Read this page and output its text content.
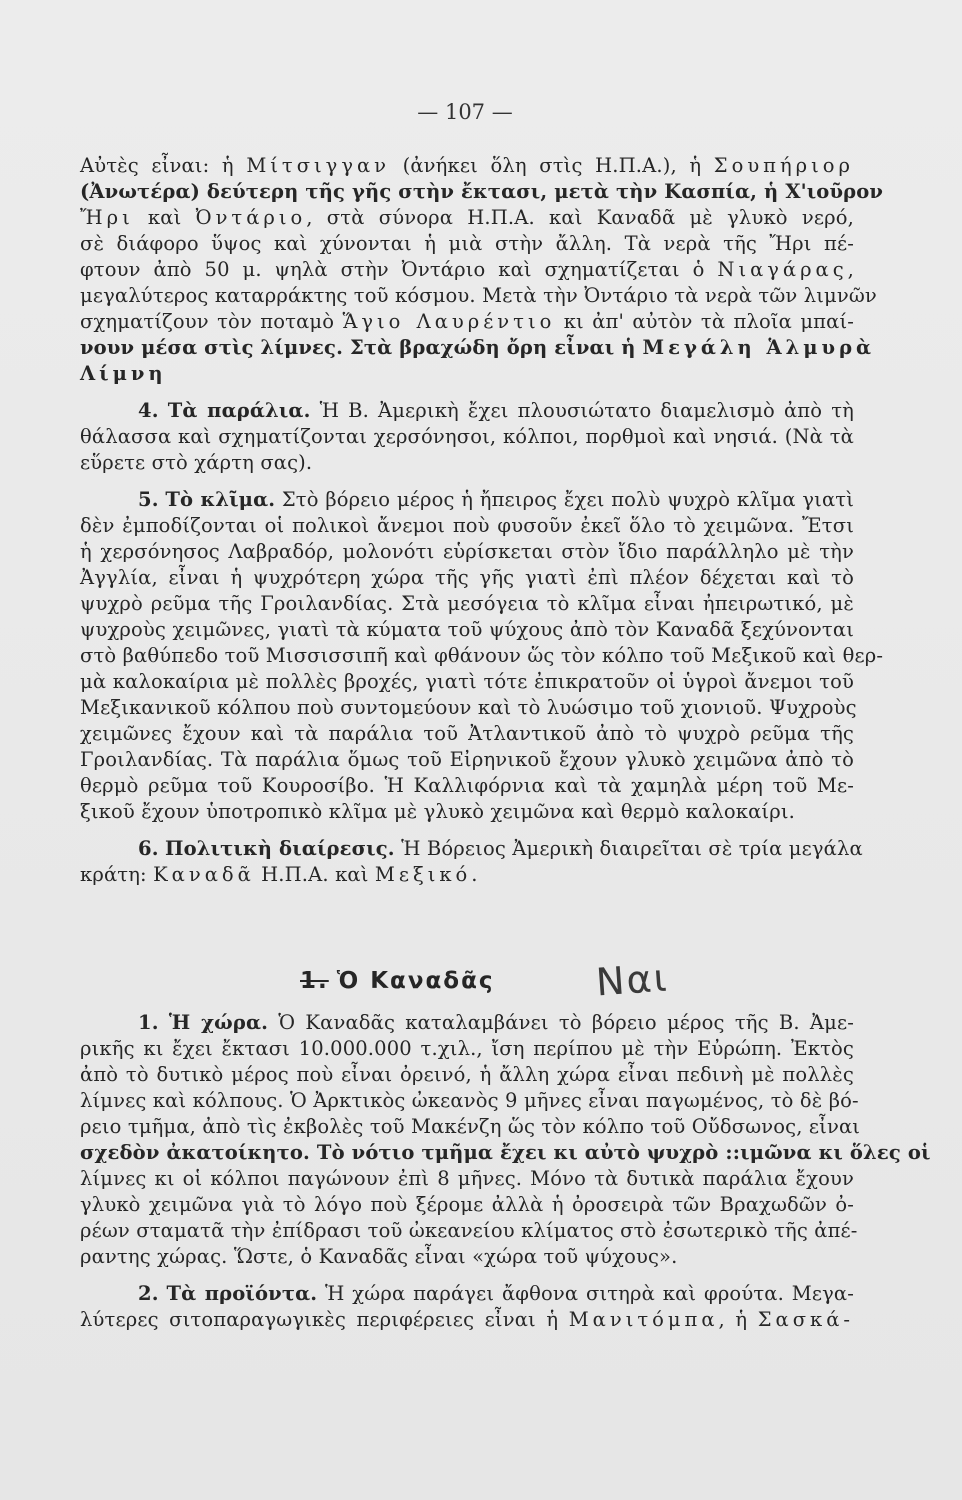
— 107 —
Αὐτὲς εἶναι: ἡ Μίτσιγγαν (ἀνήκει ὅλη στὶς Η.Π.Α.), ἡ Σουπήριορ
(Ἀνωτέρα) δεύτερη τῆς γῆς στὴν ἔκτασι, μετὰ τὴν Κασπία, ἡ Χ'ιοῦρον
Ἤρι καὶ Ὀντάριο, στὰ σύνορα Η.Π.Α. καὶ Καναδᾶ μὲ γλυκὸ νερό,
σὲ διάφορο ὕψος καὶ χύνονται ἡ μιὰ στὴν ἄλλη. Τὰ νερὰ τῆς Ἤρι πέ-
φτουν ἀπὸ 50 μ. ψηλὰ στὴν Ὀντάριο καὶ σχηματίζεται ὁ Νιαγάρας,
μεγαλύτερος καταρράκτης τοῦ κόσμου. Μετὰ τὴν Ὀντάριο τὰ νερὰ τῶν λιμνῶν
σχηματίζουν τὸν ποταμὸ Ἅγιο Λαυρέντιο κι ἀπ' αὐτὸν τὰ πλοῖα μπαί-
νουν μέσα στὶς λίμνες. Στὰ βραχώδη ὄρη εἶναι ἡ Μεγάλη Ἁλμυρὰ
Λίμνη
4. Τὰ παράλια. Ἡ Β. Ἀμερικὴ ἔχει πλουσιώτατο διαμελισμὸ ἀπὸ τὴ
θάλασσα καὶ σχηματίζονται χερσόνησοι, κόλποι, πορθμοὶ καὶ νησιά. (Νὰ τὰ
εὕρετε στὸ χάρτη σας).
5. Τὸ κλῖμα. Στὸ βόρειο μέρος ἡ ἤπειρος ἔχει πολὺ ψυχρὸ κλῖμα γιατὶ
δὲν ἐμποδίζονται οἱ πολικοὶ ἄνεμοι ποὺ φυσοῦν ἐκεῖ ὅλο τὸ χειμῶνα. Ἔτσι
ἡ χερσόνησος Λαβραδόρ, μολονότι εὑρίσκεται στὸν ἴδιο παράλληλο μὲ τὴν
Ἀγγλία, εἶναι ἡ ψυχρότερη χώρα τῆς γῆς γιατὶ ἐπὶ πλέον δέχεται καὶ τὸ
ψυχρὸ ρεῦμα τῆς Γροιλανδίας. Στὰ μεσόγεια τὸ κλῖμα εἶναι ἠπειρωτικό, μὲ
ψυχροὺς χειμῶνες, γιατὶ τὰ κύματα τοῦ ψύχους ἀπὸ τὸν Καναδᾶ ξεχύνονται
στὸ βαθύπεδο τοῦ Μισσισσιπῆ καὶ φθάνουν ὥς τὸν κόλπο τοῦ Μεξικοῦ καὶ θερ-
μὰ καλοκαίρια μὲ πολλὲς βροχές, γιατὶ τότε ἐπικρατοῦν οἱ ὑγροὶ ἄνεμοι τοῦ
Μεξικανικοῦ κόλπου ποὺ συντομεύουν καὶ τὸ λυώσιμο τοῦ χιονιοῦ. Ψυχροὺς
χειμῶνες ἔχουν καὶ τὰ παράλια τοῦ Ἀτλαντικοῦ ἀπὸ τὸ ψυχρὸ ρεῦμα τῆς
Γροιλανδίας. Τὰ παράλια ὅμως τοῦ Εἰρηνικοῦ ἔχουν γλυκὸ χειμῶνα ἀπὸ τὸ
θερμὸ ρεῦμα τοῦ Κουροσίβο. Ἡ Καλλιφόρνια καὶ τὰ χαμηλὰ μέρη τοῦ Με-
ξικοῦ ἔχουν ὑποτροπικὸ κλῖμα μὲ γλυκὸ χειμῶνα καὶ θερμὸ καλοκαίρι.
6. Πολιτικὴ διαίρεσις. Ἡ Βόρειος Ἀμερικὴ διαιρεῖται σὲ τρία μεγάλα
κράτη: Καναδᾶ Η.Π.Α. καὶ Μεξικό.
1. Ἡ χώρα. Ὁ Καναδᾶς καταλαμβάνει τὸ βόρειο μέρος τῆς Β. Ἀμε-
ρικῆς κι ἔχει ἔκτασι 10.000.000 τ.χιλ., ἴση περίπου μὲ τὴν Εὐρώπη. Ἐκτὸς
ἀπὸ τὸ δυτικὸ μέρος ποὺ εἶναι ὀρεινό, ἡ ἄλλη χώρα εἶναι πεδινὴ μὲ πολλὲς
λίμνες καὶ κόλπους. Ὁ Ἀρκτικὸς ὠκεανὸς 9 μῆνες εἶναι παγωμένος, τὸ δὲ βό-
ρειο τμῆμα, ἀπὸ τὶς ἐκβολὲς τοῦ Μακένζη ὥς τὸν κόλπο τοῦ Οὔδσωνος, εἶναι
σχεδὸν ἀκατοίκητο. Τὸ νότιο τμῆμα ἔχει κι αὐτὸ ψυχρὸ ::ιμῶνα κι ὅλες οἱ
λίμνες κι οἱ κόλποι παγώνουν ἐπὶ 8 μῆνες. Μόνο τὰ δυτικὰ παράλια ἔχουν
γλυκὸ χειμῶνα γιὰ τὸ λόγο ποὺ ξέρομε ἀλλὰ ἡ ὀροσειρὰ τῶν Βραχωδῶν ὀ-
ρέων σταματᾶ τὴν ἐπίδρασι τοῦ ὠκεανείου κλίματος στὸ ἐσωτερικὸ τῆς ἀπέ-
ραντης χώρας. Ὥστε, ὁ Καναδᾶς εἶναι «χώρα τοῦ ψύχους».
2. Τὰ προϊόντα. Ἡ χώρα παράγει ἄφθονα σιτηρὰ καὶ φρούτα. Μεγα-
λύτερες σιτοπαραγωγικὲς περιφέρειες εἶναι ἡ Μανιτόμπα, ἡ Σασκά-
1. Ὁ Καναδᾶς	Ναι
